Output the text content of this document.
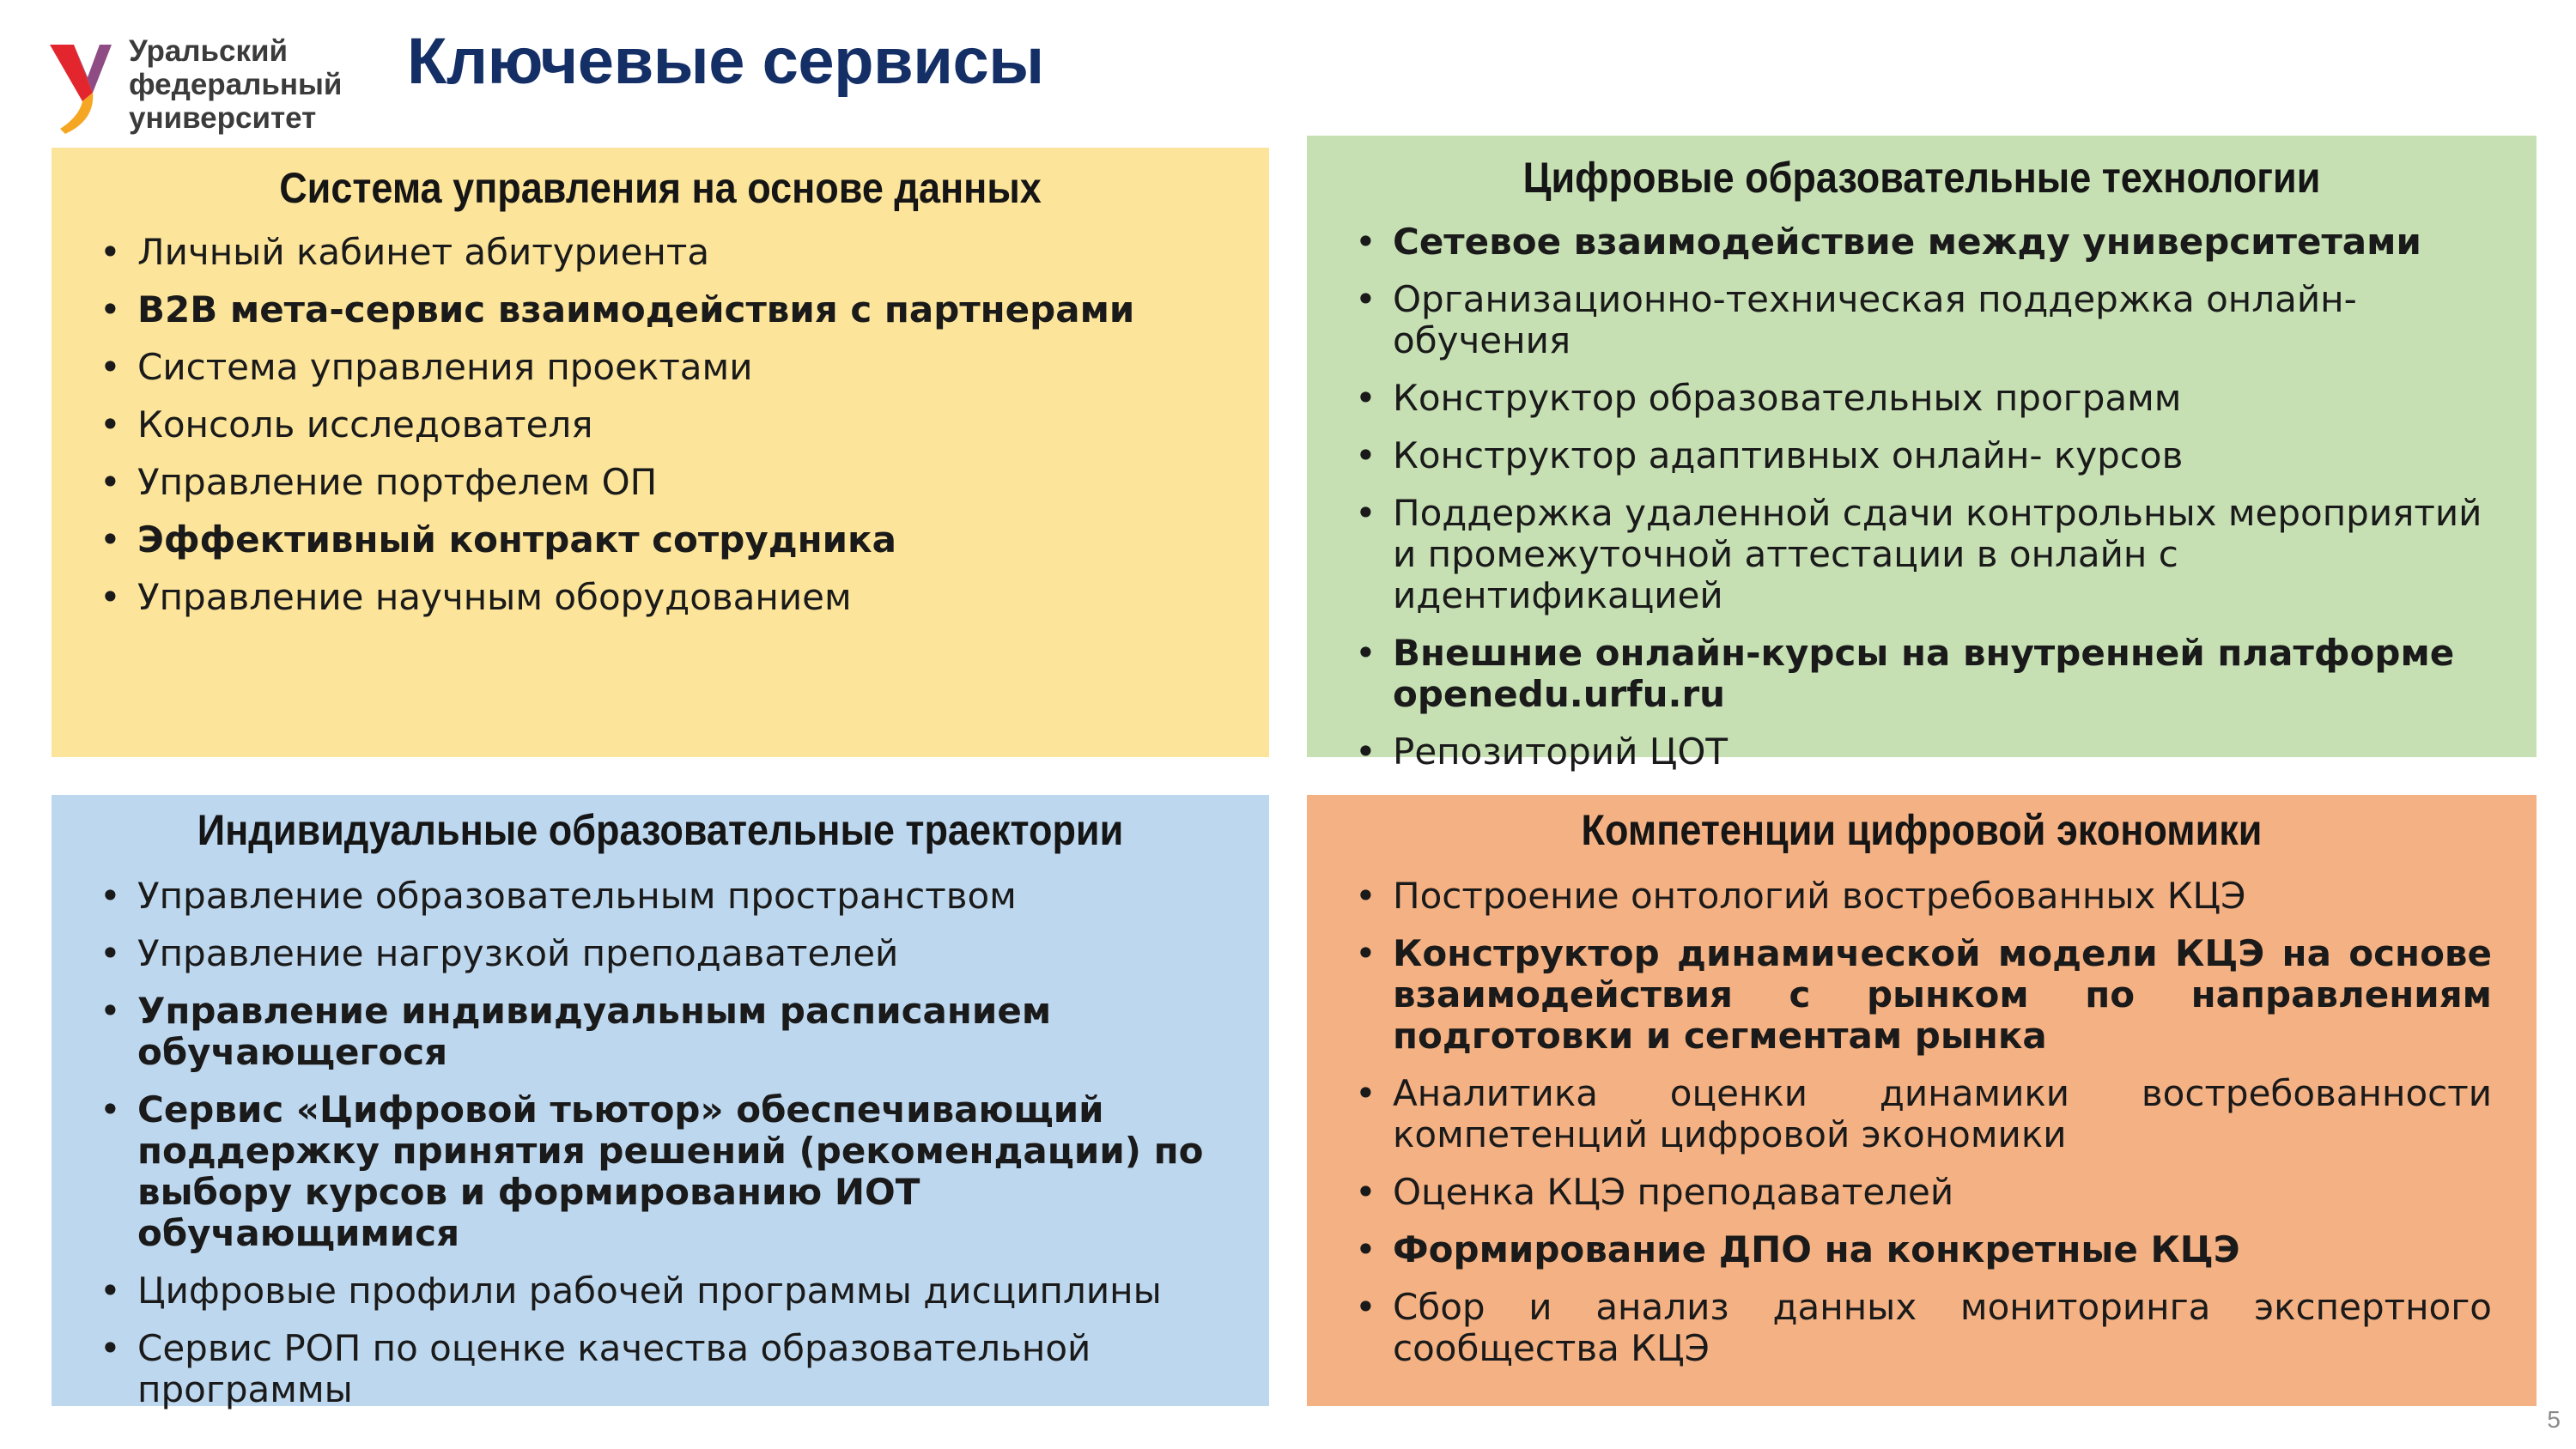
Уральский
федеральный
университет
Ключевые сервисы
Система управления на основе данных
• Личный кабинет абитуриента
• B2B мета-сервис взаимодействия с партнерами
• Система управления проектами
• Консоль исследователя
• Управление портфелем ОП
• Эффективный контракт сотрудника
• Управление научным оборудованием
Цифровые образовательные технологии
• Сетевое взаимодействие между университетами
• Организационно-техническая поддержка онлайн-обучения
• Конструктор образовательных программ
• Конструктор адаптивных онлайн- курсов
• Поддержка удаленной сдачи контрольных мероприятий и промежуточной аттестации в онлайн с идентификацией
• Внешние онлайн-курсы на внутренней платформе openedu.urfu.ru
• Репозиторий ЦОТ
Индивидуальные образовательные траектории
• Управление образовательным пространством
• Управление нагрузкой преподавателей
• Управление индивидуальным расписанием обучающегося
• Сервис «Цифровой тьютор» обеспечивающий поддержку принятия решений (рекомендации) по выбору курсов и формированию ИОТ обучающимися
• Цифровые профили рабочей программы дисциплины
• Сервис РОП по оценке качества образовательной программы
Компетенции цифровой экономики
• Построение онтологий востребованных КЦЭ
• Конструктор динамической модели КЦЭ на основе взаимодействия с рынком по направлениям подготовки и сегментам рынка
• Аналитика оценки динамики востребованности компетенций цифровой экономики
• Оценка КЦЭ преподавателей
• Формирование ДПО на конкретные КЦЭ
• Сбор и анализ данных мониторинга экспертного сообщества КЦЭ
5
